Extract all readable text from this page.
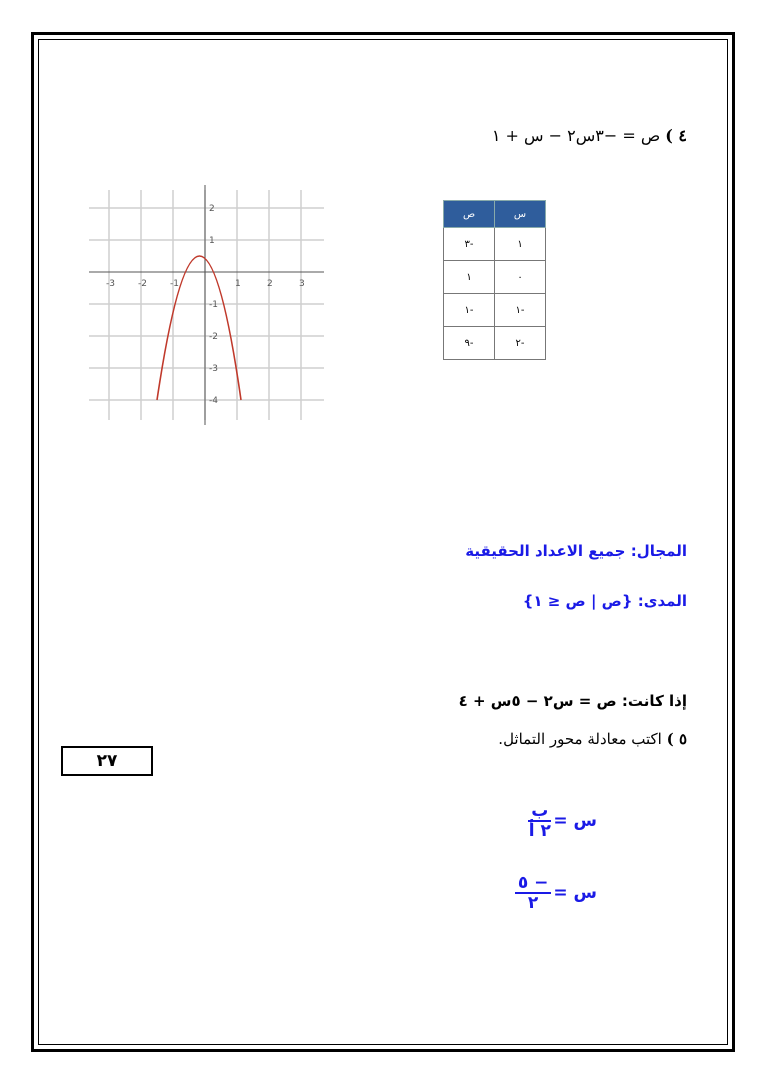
٤ ) ص = −٣س٢ − س + ١
-3	-2	-1	1	2	3
2
1
-1
-2
-3
-4
ص	س
٣-	١
١	٠
١-	١-
٩-	٢-
المجال: جميع الاعداد الحقيقية
المدى: {ص | ص ≤ ١}
إذا كانت: ص = س٢ − ٥س + ٤
٥ ) اكتب معادلة محور التماثل.
س =
$\frac{\text{ب}}{\text{٢ أ}}$
س =
$\frac{- ٥}{٢}$
٢٧
